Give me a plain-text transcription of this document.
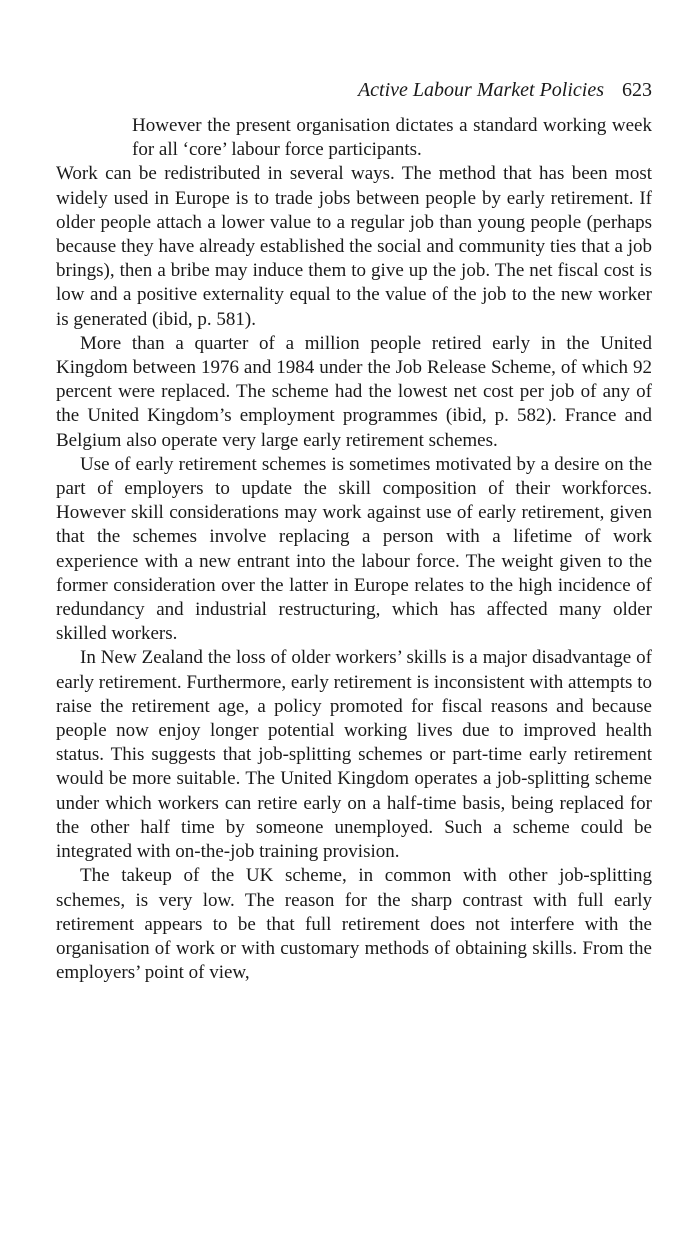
Active Labour Market Policies 623
However the present organisation dictates a standard working week for all ‘core’ labour force participants.

Work can be redistributed in several ways. The method that has been most widely used in Europe is to trade jobs between people by early retirement. If older people attach a lower value to a regular job than young people (perhaps because they have already established the social and community ties that a job brings), then a bribe may induce them to give up the job. The net fiscal cost is low and a positive externality equal to the value of the job to the new worker is generated (ibid, p. 581).

More than a quarter of a million people retired early in the United Kingdom between 1976 and 1984 under the Job Release Scheme, of which 92 percent were replaced. The scheme had the lowest net cost per job of any of the United Kingdom’s employment programmes (ibid, p. 582). France and Belgium also operate very large early retirement schemes.

Use of early retirement schemes is sometimes motivated by a desire on the part of employers to update the skill composition of their workforces. However skill considerations may work against use of early retirement, given that the schemes involve replacing a person with a lifetime of work experience with a new entrant into the labour force. The weight given to the former consideration over the latter in Europe relates to the high incidence of redundancy and industrial restructuring, which has affected many older skilled workers.

In New Zealand the loss of older workers’ skills is a major disadvantage of early retirement. Furthermore, early retirement is inconsistent with attempts to raise the retirement age, a policy promoted for fiscal reasons and because people now enjoy longer potential working lives due to improved health status. This suggests that job-splitting schemes or part-time early retirement would be more suitable. The United Kingdom operates a job-splitting scheme under which workers can retire early on a half-time basis, being replaced for the other half time by someone unemployed. Such a scheme could be integrated with on-the-job training provision.

The takeup of the UK scheme, in common with other job-splitting schemes, is very low. The reason for the sharp contrast with full early retirement appears to be that full retirement does not interfere with the organisation of work or with customary methods of obtaining skills. From the employers’ point of view,
